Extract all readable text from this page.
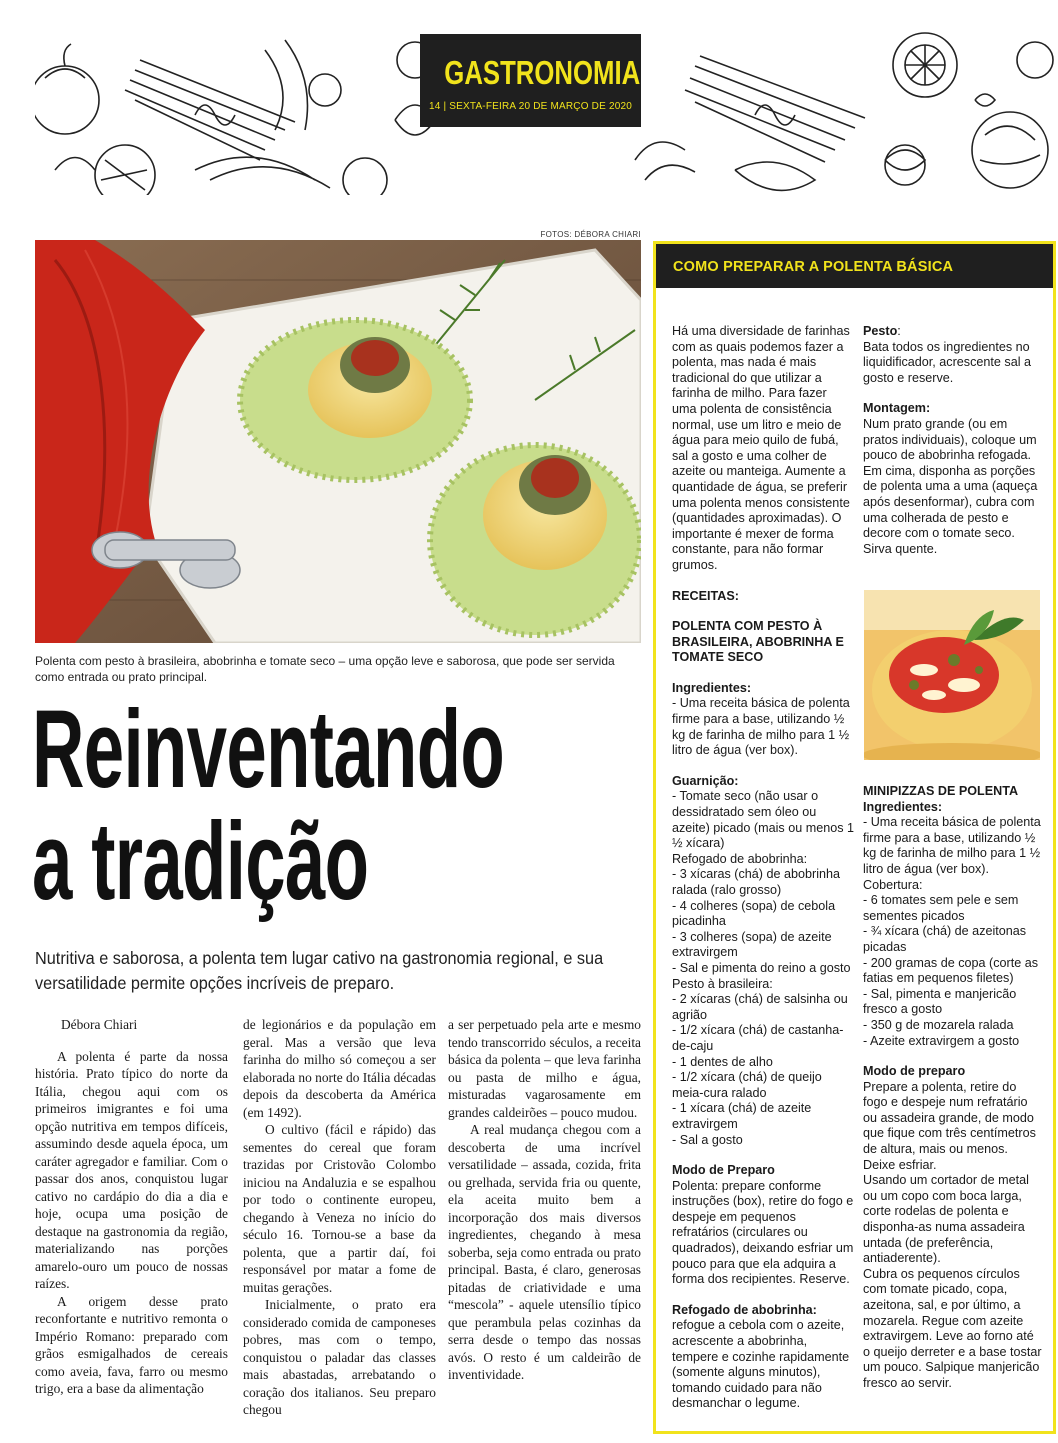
GASTRONOMIA
14 | SEXTA-FEIRA 20 DE MARÇO DE 2020
FOTOS: DÉBORA CHIARI
Polenta com pesto à brasileira, abobrinha e tomate seco – uma opção leve e saborosa, que pode ser servida como entrada ou prato principal.
Reinventando
a tradição
Nutritiva e saborosa, a polenta tem lugar cativo na gastronomia regional, e sua versatilidade permite opções incríveis de preparo.

Débora Chiari

A polenta é parte da nossa história. Prato típico do norte da Itália, chegou aqui com os primeiros imigrantes e foi uma opção nutritiva em tempos difíceis, assumindo desde aquela época, um caráter agregador e familiar. Com o passar dos anos, conquistou lugar cativo no cardápio do dia a dia e hoje, ocupa uma posição de destaque na gastronomia da região, materializando nas porções amarelo-ouro um pouco de nossas raízes.

A origem desse prato reconfortante e nutritivo remonta o Império Romano: preparado com grãos esmigalhados de cereais como aveia, fava, farro ou mesmo trigo, era a base da alimentação

de legionários e da população em geral. Mas a versão que leva farinha do milho só começou a ser elaborada no norte do Itália décadas depois da descoberta da América (em 1492).

O cultivo (fácil e rápido) das sementes do cereal que foram trazidas por Cristovão Colombo iniciou na Andaluzia e se espalhou por todo o continente europeu, chegando à Veneza no início do século 16. Tornou-se a base da polenta, que a partir daí, foi responsável por matar a fome de muitas gerações.

Inicialmente, o prato era considerado comida de camponeses pobres, mas com o tempo, conquistou o paladar das classes mais abastadas, arrebatando o coração dos italianos. Seu preparo chegou

a ser perpetuado pela arte e mesmo tendo transcorrido séculos, a receita básica da polenta – que leva farinha ou pasta de milho e água, misturadas vagarosamente em grandes caldeirões – pouco mudou.

A real mudança chegou com a descoberta de uma incrível versatilidade – assada, cozida, frita ou grelhada, servida fria ou quente, ela aceita muito bem a incorporação dos mais diversos ingredientes, chegando à mesa soberba, seja como entrada ou prato principal. Basta, é claro, generosas pitadas de criatividade e uma “mescola” - aquele utensílio típico que perambula pelas cozinhas da serra desde o tempo das nossas avós. O resto é um caldeirão de inventividade.

COMO PREPARAR A POLENTA BÁSICA

Há uma diversidade de farinhas com as quais podemos fazer a polenta, mas nada é mais tradicional do que utilizar a farinha de milho. Para fazer uma polenta de consistência normal, use um litro e meio de água para meio quilo de fubá, sal a gosto e uma colher de azeite ou manteiga. Aumente a quantidade de água, se preferir uma polenta menos consistente (quantidades aproximadas). O importante é mexer de forma constante, para não formar grumos.

RECEITAS:

POLENTA COM PESTO À BRASILEIRA, ABOBRINHA E TOMATE SECO

Ingredientes:

- Uma receita básica de polenta firme para a base, utilizando ½ kg de farinha de milho para 1 ½ litro de água (ver box).

Guarnição:

- Tomate seco (não usar o dessidratado sem óleo ou azeite) picado (mais ou menos 1 ½ xícara)

Refogado de abobrinha:

- 3 xícaras (chá) de abobrinha ralada (ralo grosso)

- 4 colheres (sopa) de cebola picadinha

- 3 colheres (sopa) de azeite extravirgem

- Sal e pimenta do reino a gosto

Pesto à brasileira:

- 2 xícaras (chá) de salsinha ou agrião

- 1/2 xícara (chá) de castanha-de-caju

- 1 dentes de alho

- 1/2 xícara (chá) de queijo meia-cura ralado

- 1 xícara (chá) de azeite extravirgem

- Sal a gosto

Modo de Preparo

Polenta: prepare conforme instruções (box), retire do fogo e despeje em pequenos refratários (circulares ou quadrados), deixando esfriar um pouco para que ela adquira a forma dos recipientes. Reserve.

Refogado de abobrinha:

refogue a cebola com o azeite, acrescente a abobrinha, tempere e cozinhe rapidamente (somente alguns minutos), tomando cuidado para não desmanchar o legume.

Pesto:

Bata todos os ingredientes no liquidificador, acrescente sal a gosto e reserve.

Montagem:

Num prato grande (ou em pratos individuais), coloque um pouco de abobrinha refogada. Em cima, disponha as porções de polenta uma a uma (aqueça após desenformar), cubra com uma colherada de pesto e decore com o tomate seco. Sirva quente.

MINIPIZZAS DE POLENTA

Ingredientes:

- Uma receita básica de polenta firme para a base, utilizando ½ kg de farinha de milho para 1 ½ litro de água (ver box).

Cobertura:

- 6 tomates sem pele e sem sementes picados

- ¾ xícara (chá) de azeitonas picadas

- 200 gramas de copa (corte as fatias em pequenos filetes)

- Sal, pimenta e manjericão fresco a gosto

- 350 g de mozarela ralada

- Azeite extravirgem a gosto

Modo de preparo

Prepare a polenta, retire do fogo e despeje num refratário ou assadeira grande, de modo que fique com três centímetros de altura, mais ou menos. Deixe esfriar.

Usando um cortador de metal ou um copo com boca larga, corte rodelas de polenta e disponha-as numa assadeira untada (de preferência, antiaderente).

Cubra os pequenos círculos com tomate picado, copa, azeitona, sal, e por último, a mozarela. Regue com azeite extravirgem. Leve ao forno até o queijo derreter e a base tostar um pouco. Salpique manjericão fresco ao servir.
